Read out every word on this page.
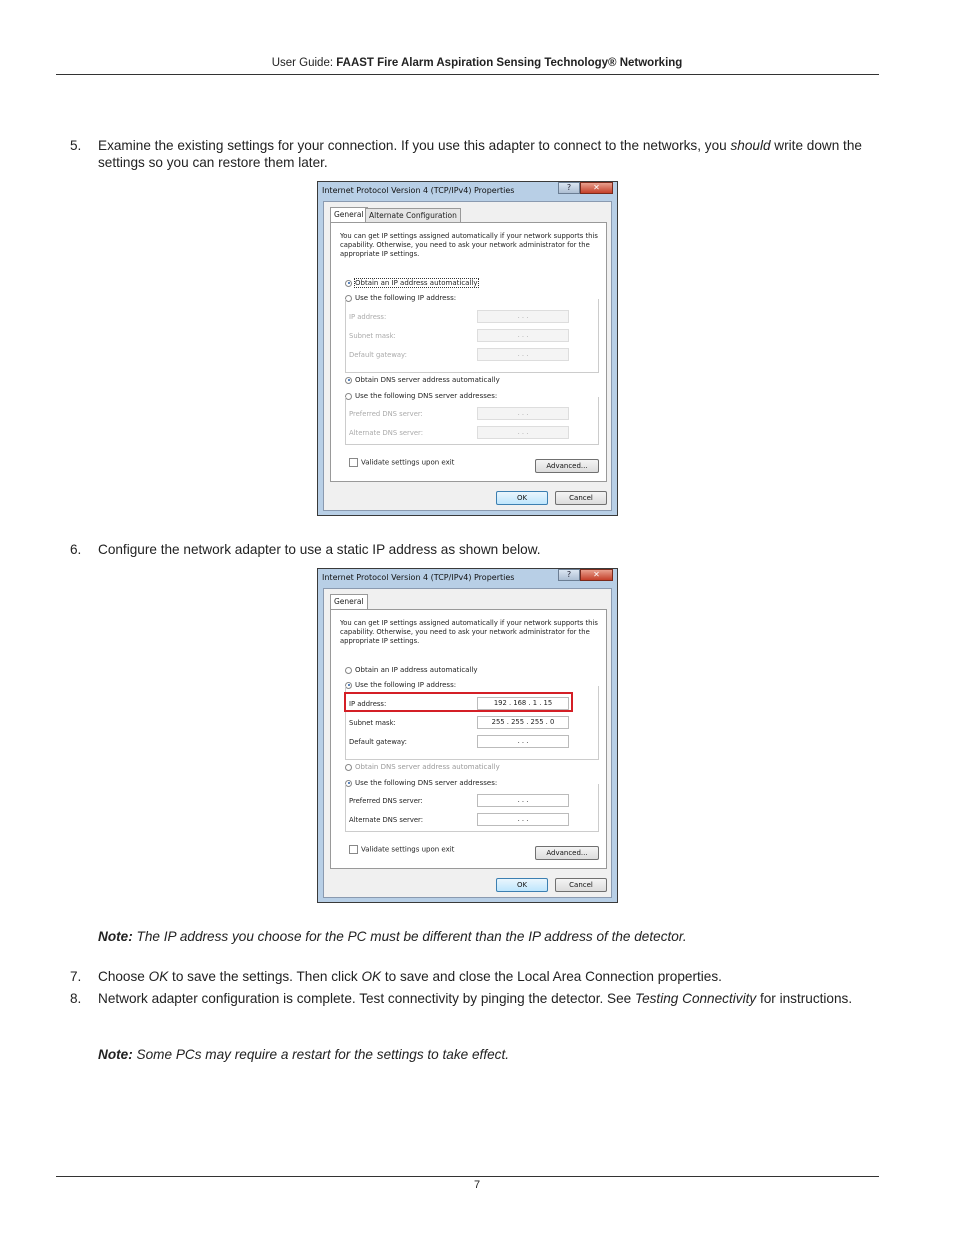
User Guide: FAAST Fire Alarm Aspiration Sensing Technology® Networking
5. Examine the existing settings for your connection. If you use this adapter to connect to the networks, you should write down the settings so you can restore them later.
Internet Protocol Version 4 (TCP/IPv4) Properties	?	✕
General Alternate Configuration
You can get IP settings assigned automatically if your network supports this capability. Otherwise, you need to ask your network administrator for the appropriate IP settings.
Obtain an IP address automatically
Use the following IP address:
IP address:	. . .
Subnet mask:	. . .
Default gateway:	. . .
Obtain DNS server address automatically
Use the following DNS server addresses:
Preferred DNS server:	. . .
Alternate DNS server:	. . .
Validate settings upon exit	Advanced...
OK	Cancel
6. Configure the network adapter to use a static IP address as shown below.
Internet Protocol Version 4 (TCP/IPv4) Properties	?	✕
General
You can get IP settings assigned automatically if your network supports this capability. Otherwise, you need to ask your network administrator for the appropriate IP settings.
Obtain an IP address automatically
Use the following IP address:
IP address:	192 . 168 . 1 . 15
Subnet mask:	255 . 255 . 255 . 0
Default gateway:	. . .
Obtain DNS server address automatically
Use the following DNS server addresses:
Preferred DNS server:	. . .
Alternate DNS server:	. . .
Validate settings upon exit	Advanced...
OK	Cancel
Note: The IP address you choose for the PC must be different than the IP address of the detector.
7. Choose OK to save the settings. Then click OK to save and close the Local Area Connection properties.
8. Network adapter configuration is complete. Test connectivity by pinging the detector. See Testing Connectivity for instructions.
Note: Some PCs may require a restart for the settings to take effect.
7
